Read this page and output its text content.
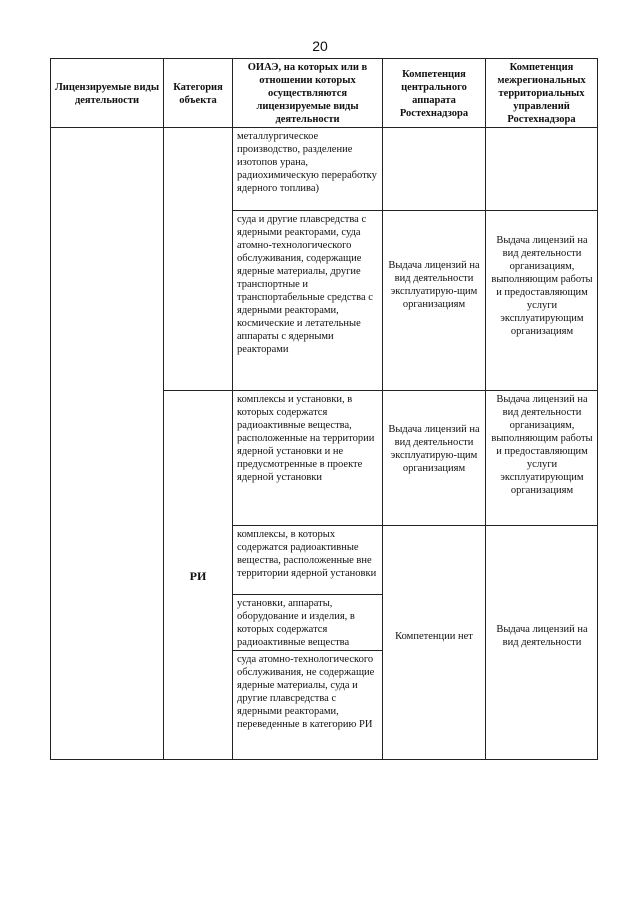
20
Лицензируемые виды деятельности
Категория объекта
ОИАЭ, на которых или в отношении которых осуществляются лицензируемые виды деятельности
Компетенция центрального аппарата Ростехнадзора
Компетенция межрегиональных территориальных управлений Ростехнадзора
металлургическое производство, разделение изотопов урана, радиохимическую переработку ядерного топлива)
суда и другие плавсредства с ядерными реакторами, суда атомно-технологического обслуживания, содержащие ядерные материалы, другие транспортные и транспортабельные средства с ядерными реакторами, космические и летательные аппараты с ядерными реакторами
Выдача лицензий на вид деятельности эксплуатирую-щим организациям
Выдача лицензий на вид деятельности организациям, выполняющим работы и предоставляющим услуги эксплуатирующим организациям
РИ
комплексы и установки, в которых содержатся радиоактивные вещества, расположенные на территории ядерной установки и не предусмотренные в проекте ядерной установки
Выдача лицензий на вид деятельности эксплуатирую-щим организациям
Выдача лицензий на вид деятельности организациям, выполняющим работы и предоставляющим услуги эксплуатирующим организациям
комплексы, в которых содержатся радиоактивные вещества, расположенные вне территории ядерной установки
установки, аппараты, оборудование и изделия, в которых содержатся радиоактивные вещества
суда атомно-технологического обслуживания, не содержащие ядерные материалы, суда и другие плавсредства с ядерными реакторами, переведенные в категорию РИ
Компетенции нет
Выдача лицензий на вид деятельности
